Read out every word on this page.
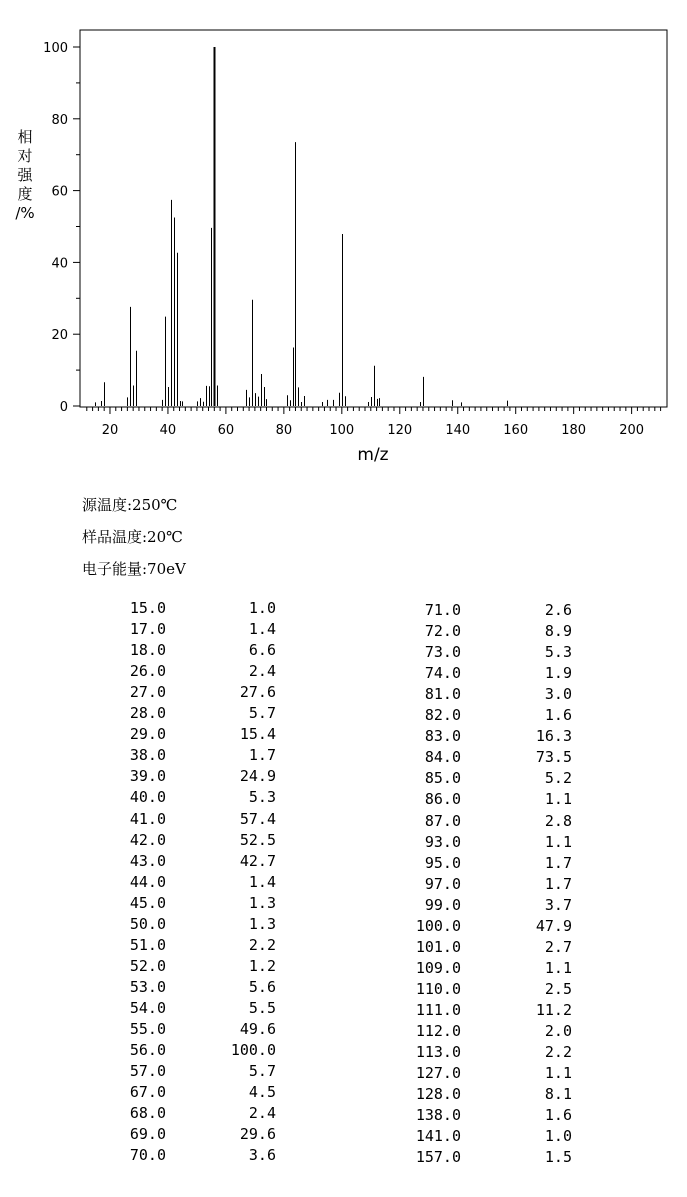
0
20
40
60
80
100
20	40	60	80	100	120	140	160	180	200
m/z
相
对
强
度
/%
源温度:250℃
样品温度:20℃
电子能量:70eV
15.0	1.0
17.0	1.4
18.0	6.6
26.0	2.4
27.0	27.6
28.0	5.7
29.0	15.4
38.0	1.7
39.0	24.9
40.0	5.3
41.0	57.4
42.0	52.5
43.0	42.7
44.0	1.4
45.0	1.3
50.0	1.3
51.0	2.2
52.0	1.2
53.0	5.6
54.0	5.5
55.0	49.6
56.0	100.0
57.0	5.7
67.0	4.5
68.0	2.4
69.0	29.6
70.0	3.6
71.0	2.6
72.0	8.9
73.0	5.3
74.0	1.9
81.0	3.0
82.0	1.6
83.0	16.3
84.0	73.5
85.0	5.2
86.0	1.1
87.0	2.8
93.0	1.1
95.0	1.7
97.0	1.7
99.0	3.7
100.0	47.9
101.0	2.7
109.0	1.1
110.0	2.5
111.0	11.2
112.0	2.0
113.0	2.2
127.0	1.1
128.0	8.1
138.0	1.6
141.0	1.0
157.0	1.5
